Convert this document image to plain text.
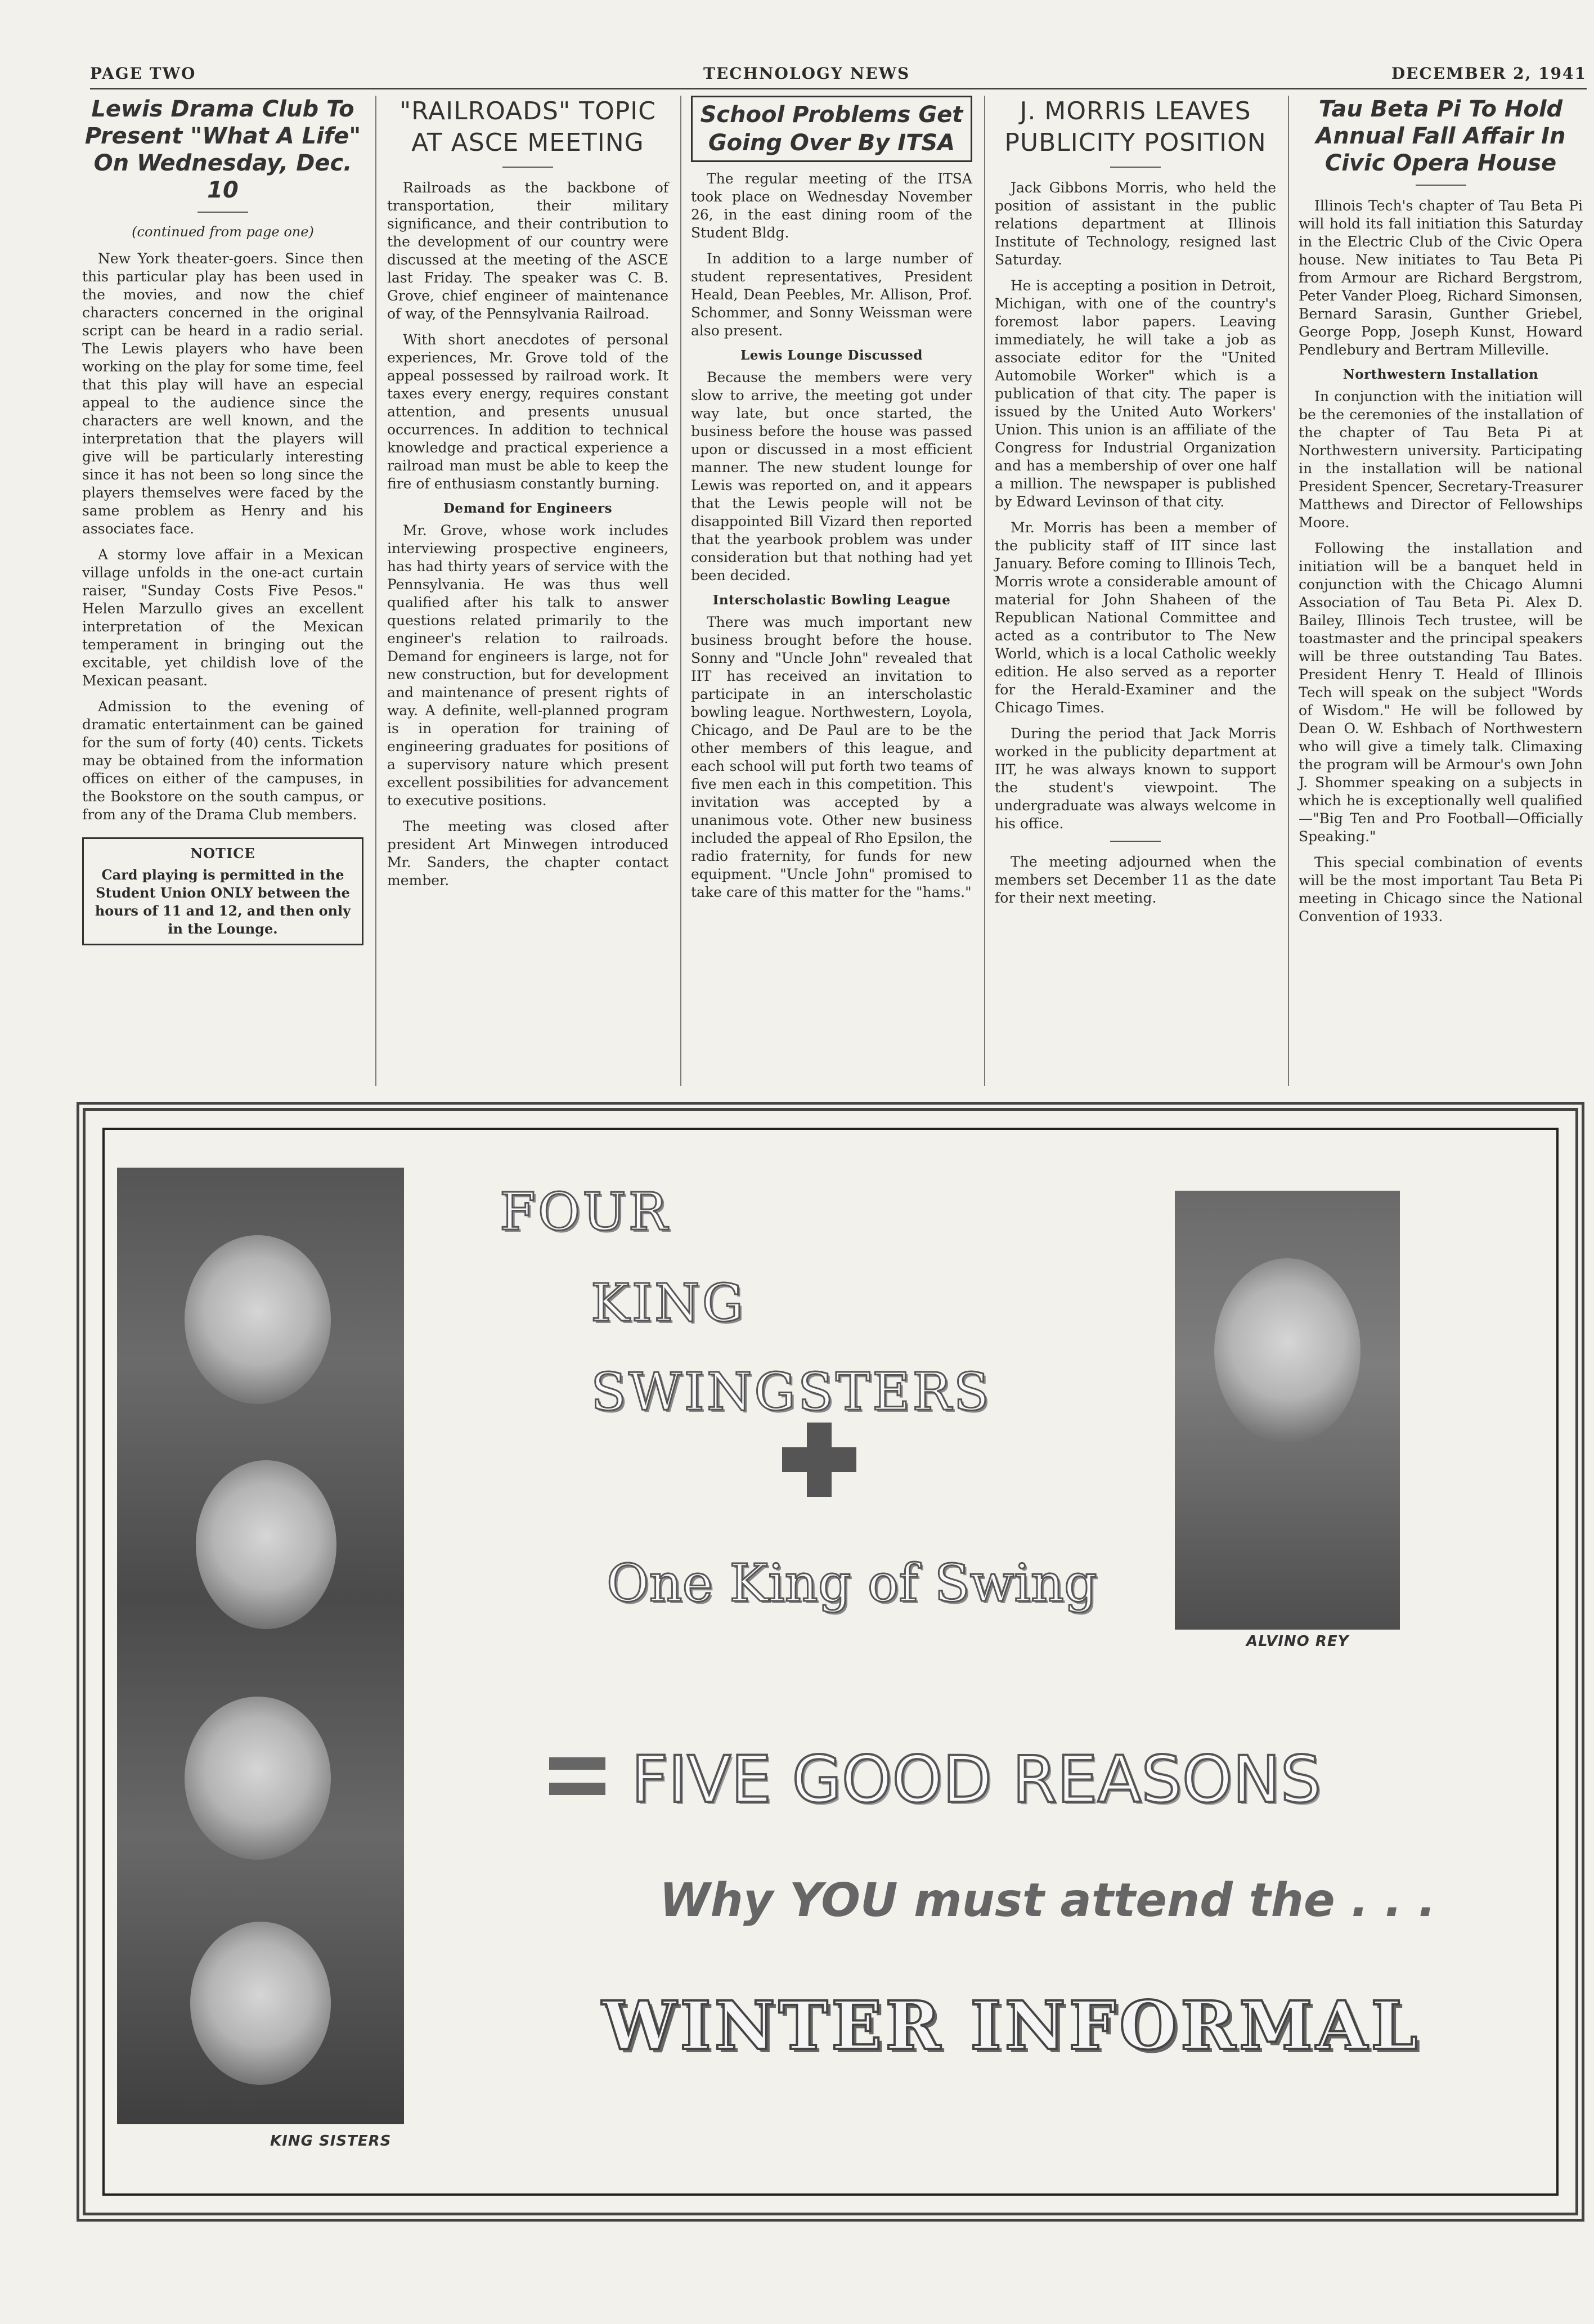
PAGE TWO	TECHNOLOGY NEWS	DECEMBER 2, 1941
Lewis Drama Club To Present "What A Life" On Wednesday, Dec. 10
(continued from page one)

New York theater-goers. Since then this particular play has been used in the movies, and now the chief characters concerned in the original script can be heard in a radio serial. The Lewis players who have been working on the play for some time, feel that this play will have an especial appeal to the audience since the characters are well known, and the interpretation that the players will give will be particularly interesting since it has not been so long since the players themselves were faced by the same problem as Henry and his associates face.

A stormy love affair in a Mexican village unfolds in the one-act curtain raiser, "Sunday Costs Five Pesos." Helen Marzullo gives an excellent interpretation of the Mexican temperament in bringing out the excitable, yet childish love of the Mexican peasant.

Admission to the evening of dramatic entertainment can be gained for the sum of forty (40) cents. Tickets may be obtained from the information offices on either of the campuses, in the Bookstore on the south campus, or from any of the Drama Club members.

NOTICE
Card playing is permitted in the Student Union ONLY between the hours of 11 and 12, and then only in the Lounge.
"RAILROADS" TOPIC AT ASCE MEETING

Railroads as the backbone of transportation, their military significance, and their contribution to the development of our country were discussed at the meeting of the ASCE last Friday. The speaker was C. B. Grove, chief engineer of maintenance of way, of the Pennsylvania Railroad.

With short anecdotes of personal experiences, Mr. Grove told of the appeal possessed by railroad work. It taxes every energy, requires constant attention, and presents unusual occurrences. In addition to technical knowledge and practical experience a railroad man must be able to keep the fire of enthusiasm constantly burning.

Demand for Engineers

Mr. Grove, whose work includes interviewing prospective engineers, has had thirty years of service with the Pennsylvania. He was thus well qualified after his talk to answer questions related primarily to the engineer's relation to railroads. Demand for engineers is large, not for new construction, but for development and maintenance of present rights of way. A definite, well-planned program is in operation for training of engineering graduates for positions of a supervisory nature which present excellent possibilities for advancement to executive positions.

The meeting was closed after president Art Minwegen introduced Mr. Sanders, the chapter contact member.

School Problems Get Going Over By ITSA

The regular meeting of the ITSA took place on Wednesday November 26, in the east dining room of the Student Bldg.

In addition to a large number of student representatives, President Heald, Dean Peebles, Mr. Allison, Prof. Schommer, and Sonny Weissman were also present.

Lewis Lounge Discussed

Because the members were very slow to arrive, the meeting got under way late, but once started, the business before the house was passed upon or discussed in a most efficient manner. The new student lounge for Lewis was reported on, and it appears that the Lewis people will not be disappointed Bill Vizard then reported that the yearbook problem was under consideration but that nothing had yet been decided.

Interscholastic Bowling League

There was much important new business brought before the house. Sonny and "Uncle John" revealed that IIT has received an invitation to participate in an interscholastic bowling league. Northwestern, Loyola, Chicago, and De Paul are to be the other members of this league, and each school will put forth two teams of five men each in this competition. This invitation was accepted by a unanimous vote. Other new business included the appeal of Rho Epsilon, the radio fraternity, for funds for new equipment. "Uncle John" promised to take care of this matter for the "hams."

J. MORRIS LEAVES PUBLICITY POSITION

Jack Gibbons Morris, who held the position of assistant in the public relations department at Illinois Institute of Technology, resigned last Saturday.

He is accepting a position in Detroit, Michigan, with one of the country's foremost labor papers. Leaving immediately, he will take a job as associate editor for the "United Automobile Worker" which is a publication of that city. The paper is issued by the United Auto Workers' Union. This union is an affiliate of the Congress for Industrial Organization and has a membership of over one half a million. The newspaper is published by Edward Levinson of that city.

Mr. Morris has been a member of the publicity staff of IIT since last January. Before coming to Illinois Tech, Morris wrote a considerable amount of material for John Shaheen of the Republican National Committee and acted as a contributor to The New World, which is a local Catholic weekly edition. He also served as a reporter for the Herald-Examiner and the Chicago Times.

During the period that Jack Morris worked in the publicity department at IIT, he was always known to support the student's viewpoint. The undergraduate was always welcome in his office.

The meeting adjourned when the members set December 11 as the date for their next meeting.

Tau Beta Pi To Hold Annual Fall Affair In Civic Opera House

Illinois Tech's chapter of Tau Beta Pi will hold its fall initiation this Saturday in the Electric Club of the Civic Opera house. New initiates to Tau Beta Pi from Armour are Richard Bergstrom, Peter Vander Ploeg, Richard Simonsen, Bernard Sarasin, Gunther Griebel, George Popp, Joseph Kunst, Howard Pendlebury and Bertram Milleville.

Northwestern Installation

In conjunction with the initiation will be the ceremonies of the installation of the chapter of Tau Beta Pi at Northwestern university. Participating in the installation will be national President Spencer, Secretary-Treasurer Matthews and Director of Fellowships Moore.

Following the installation and initiation will be a banquet held in conjunction with the Chicago Alumni Association of Tau Beta Pi. Alex D. Bailey, Illinois Tech trustee, will be toastmaster and the principal speakers will be three outstanding Tau Bates. President Henry T. Heald of Illinois Tech will speak on the subject "Words of Wisdom." He will be followed by Dean O. W. Eshbach of Northwestern who will give a timely talk. Climaxing the program will be Armour's own John J. Shommer speaking on a subjects in which he is exceptionally well qualified—"Big Ten and Pro Football—Officially Speaking."

This special combination of events will be the most important Tau Beta Pi meeting in Chicago since the National Convention of 1933.

KING SISTERS
ALVINO REY
FOUR
KING
SWINGSTERS
One King of Swing
FIVE GOOD REASONS
Why YOU must attend the . . .
WINTER INFORMAL
